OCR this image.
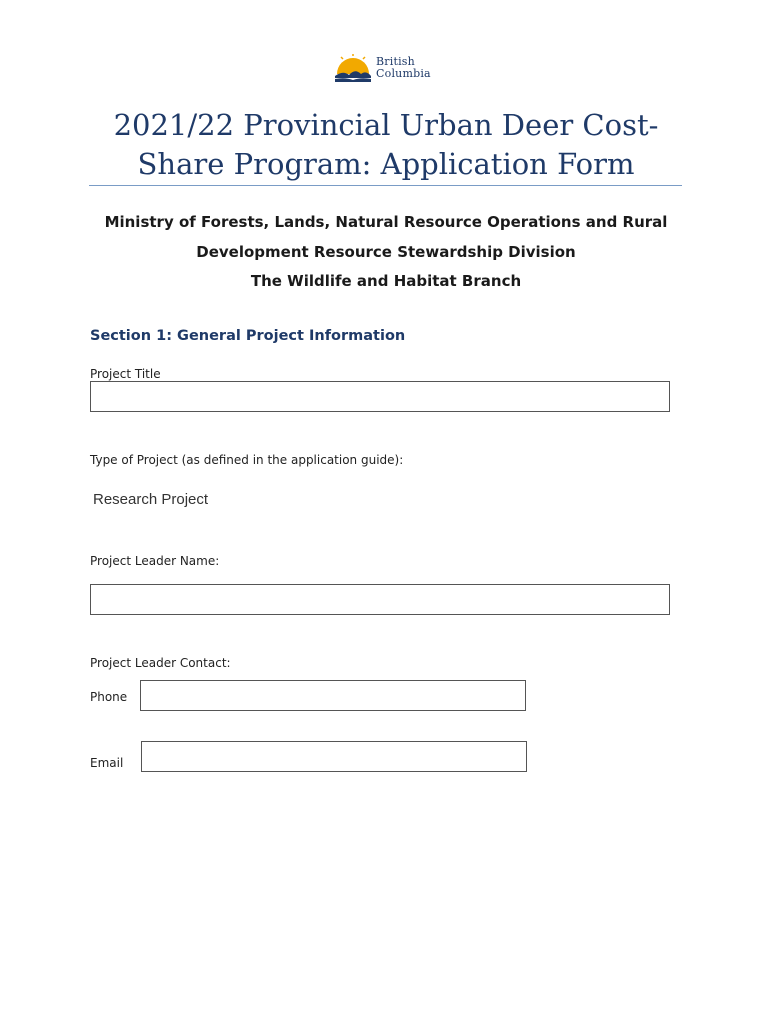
British
Columbia
2021/22 Provincial Urban Deer Cost-
Share Program: Application Form
Ministry of Forests, Lands, Natural Resource Operations and Rural
Development Resource Stewardship Division
The Wildlife and Habitat Branch
Section 1: General Project Information
Project Title
Type of Project (as defined in the application guide):
Research Project
Project Leader Name:
Project Leader Contact:
Phone
Email
